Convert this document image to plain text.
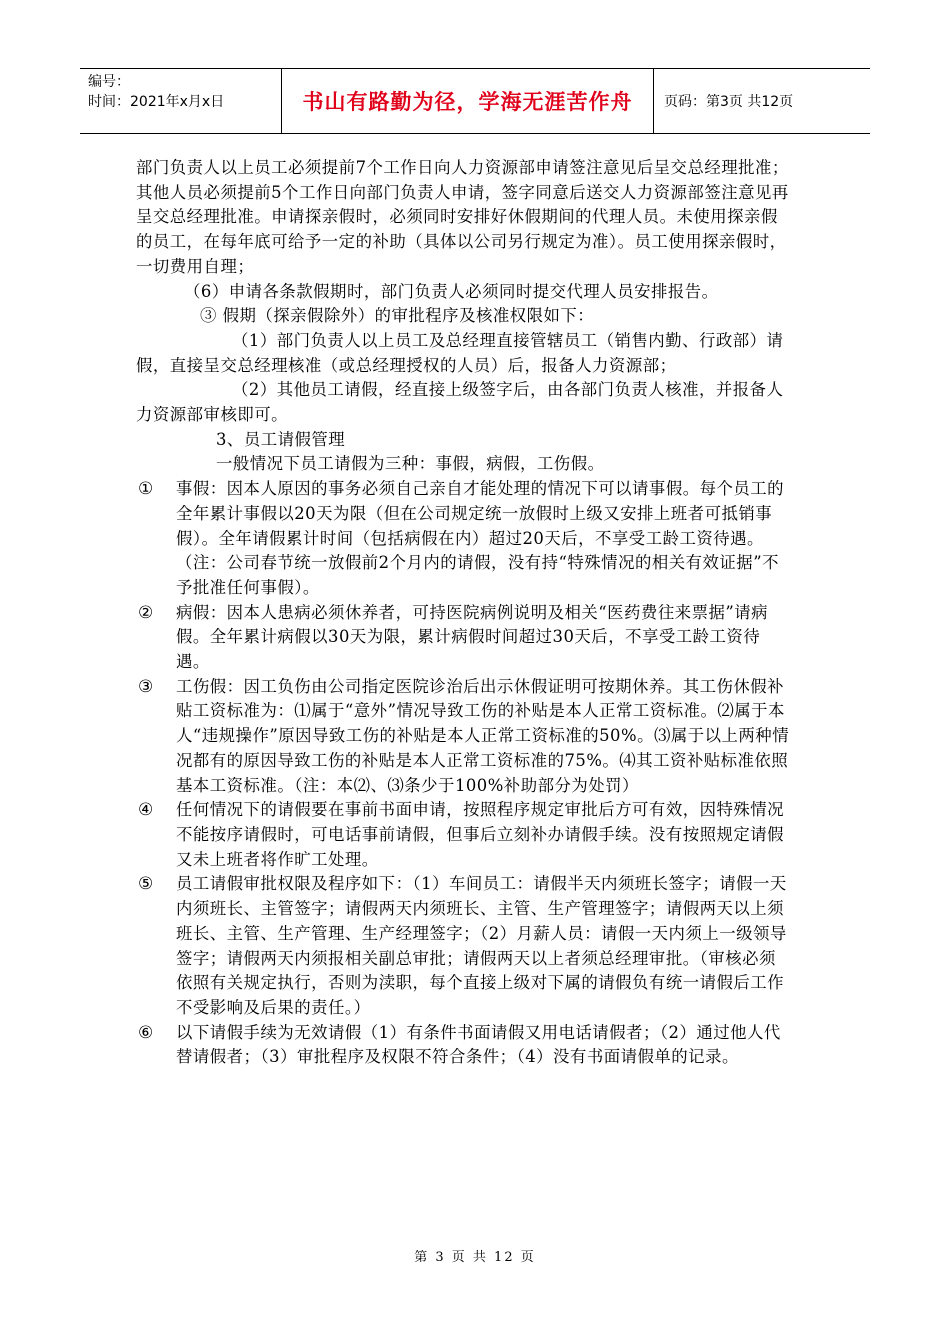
编号：
时间：2021年x月x日	书山有路勤为径，学海无涯苦作舟	页码：第3页 共12页

部门负责人以上员工必须提前7个工作日向人力资源部申请签注意见后呈交总经理批准；其他人员必须提前5个工作日向部门负责人申请，签字同意后送交人力资源部签注意见再呈交总经理批准。申请探亲假时，必须同时安排好休假期间的代理人员。未使用探亲假的员工，在每年底可给予一定的补助（具体以公司另行规定为准）。员工使用探亲假时，一切费用自理；

（6）申请各条款假期时，部门负责人必须同时提交代理人员安排报告。

③ 假期（探亲假除外）的审批程序及核准权限如下：

（1）部门负责人以上员工及总经理直接管辖员工（销售内勤、行政部）请假，直接呈交总经理核准（或总经理授权的人员）后，报备人力资源部；

（2）其他员工请假，经直接上级签字后，由各部门负责人核准，并报备人力资源部审核即可。

3、员工请假管理

一般情况下员工请假为三种：事假，病假，工伤假。

① 事假：因本人原因的事务必须自己亲自才能处理的情况下可以请事假。每个员工的全年累计事假以20天为限（但在公司规定统一放假时上级又安排上班者可抵销事假）。全年请假累计时间（包括病假在内）超过20天后，不享受工龄工资待遇。（注：公司春节统一放假前2个月内的请假，没有持“特殊情况的相关有效证据”不予批准任何事假）。

② 病假：因本人患病必须休养者，可持医院病例说明及相关“医药费往来票据”请病假。全年累计病假以30天为限，累计病假时间超过30天后，不享受工龄工资待遇。

③ 工伤假：因工负伤由公司指定医院诊治后出示休假证明可按期休养。其工伤休假补贴工资标准为：⑴属于“意外”情况导致工伤的补贴是本人正常工资标准。⑵属于本人“违规操作”原因导致工伤的补贴是本人正常工资标准的50%。⑶属于以上两种情况都有的原因导致工伤的补贴是本人正常工资标准的75%。⑷其工资补贴标准依照基本工资标准。（注：本⑵、⑶条少于100%补助部分为处罚）

④ 任何情况下的请假要在事前书面申请，按照程序规定审批后方可有效，因特殊情况不能按序请假时，可电话事前请假，但事后立刻补办请假手续。没有按照规定请假又未上班者将作旷工处理。

⑤ 员工请假审批权限及程序如下：（1）车间员工：请假半天内须班长签字；请假一天内须班长、主管签字；请假两天内须班长、主管、生产管理签字；请假两天以上须班长、主管、生产管理、生产经理签字；（2）月薪人员：请假一天内须上一级领导签字；请假两天内须报相关副总审批；请假两天以上者须总经理审批。（审核必须依照有关规定执行，否则为渎职，每个直接上级对下属的请假负有统一请假后工作不受影响及后果的责任。）

⑥ 以下请假手续为无效请假（1）有条件书面请假又用电话请假者；（2）通过他人代替请假者；（3）审批程序及权限不符合条件；（4）没有书面请假单的记录。

第 3 页 共 12 页
